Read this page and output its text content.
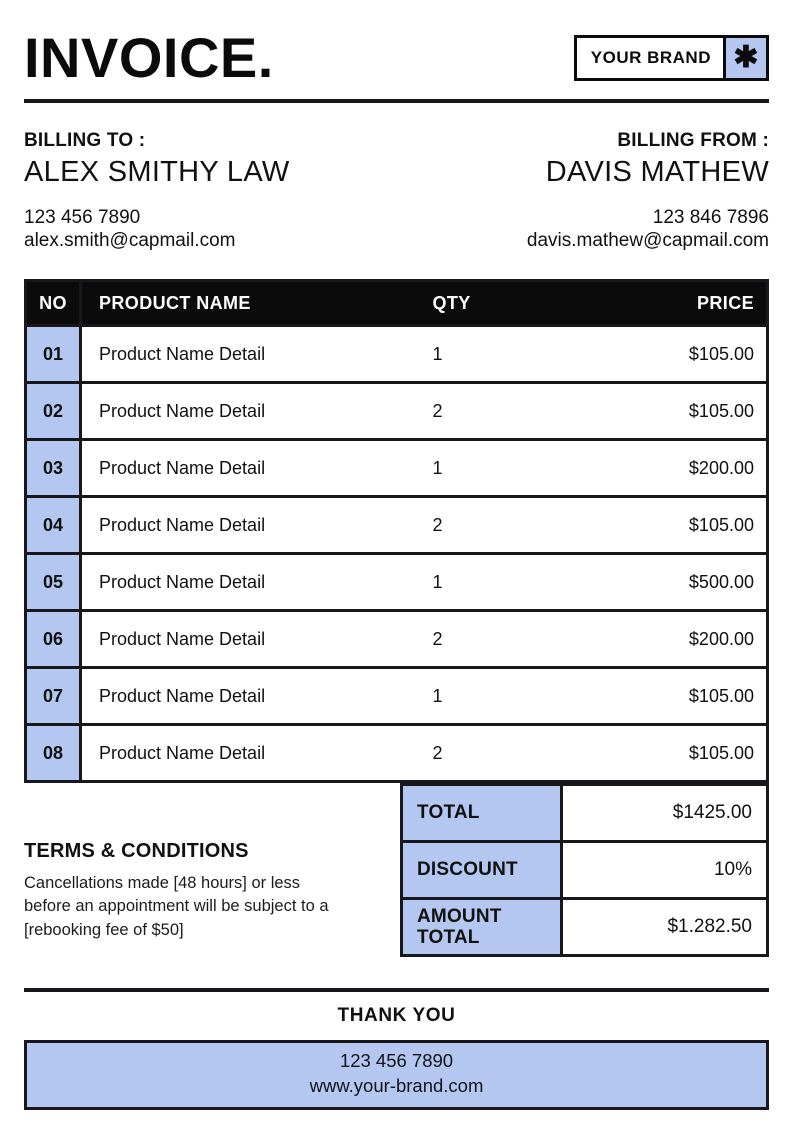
INVOICE.	YOUR BRAND ✱
BILLING TO :
ALEX SMITHY LAW
123 456 7890
alex.smith@capmail.com
BILLING FROM :
DAVIS MATHEW
123 846 7896
davis.mathew@capmail.com
NO	PRODUCT NAME	QTY	PRICE
01	Product Name Detail	1	$105.00
02	Product Name Detail	2	$105.00
03	Product Name Detail	1	$200.00
04	Product Name Detail	2	$105.00
05	Product Name Detail	1	$500.00
06	Product Name Detail	2	$200.00
07	Product Name Detail	1	$105.00
08	Product Name Detail	2	$105.00
TERMS & CONDITIONS
Cancellations made [48 hours] or less before an appointment will be subject to a [rebooking fee of $50]
TOTAL	$1425.00
DISCOUNT	10%
AMOUNT TOTAL	$1.282.50
THANK YOU
123 456 7890
www.your-brand.com
